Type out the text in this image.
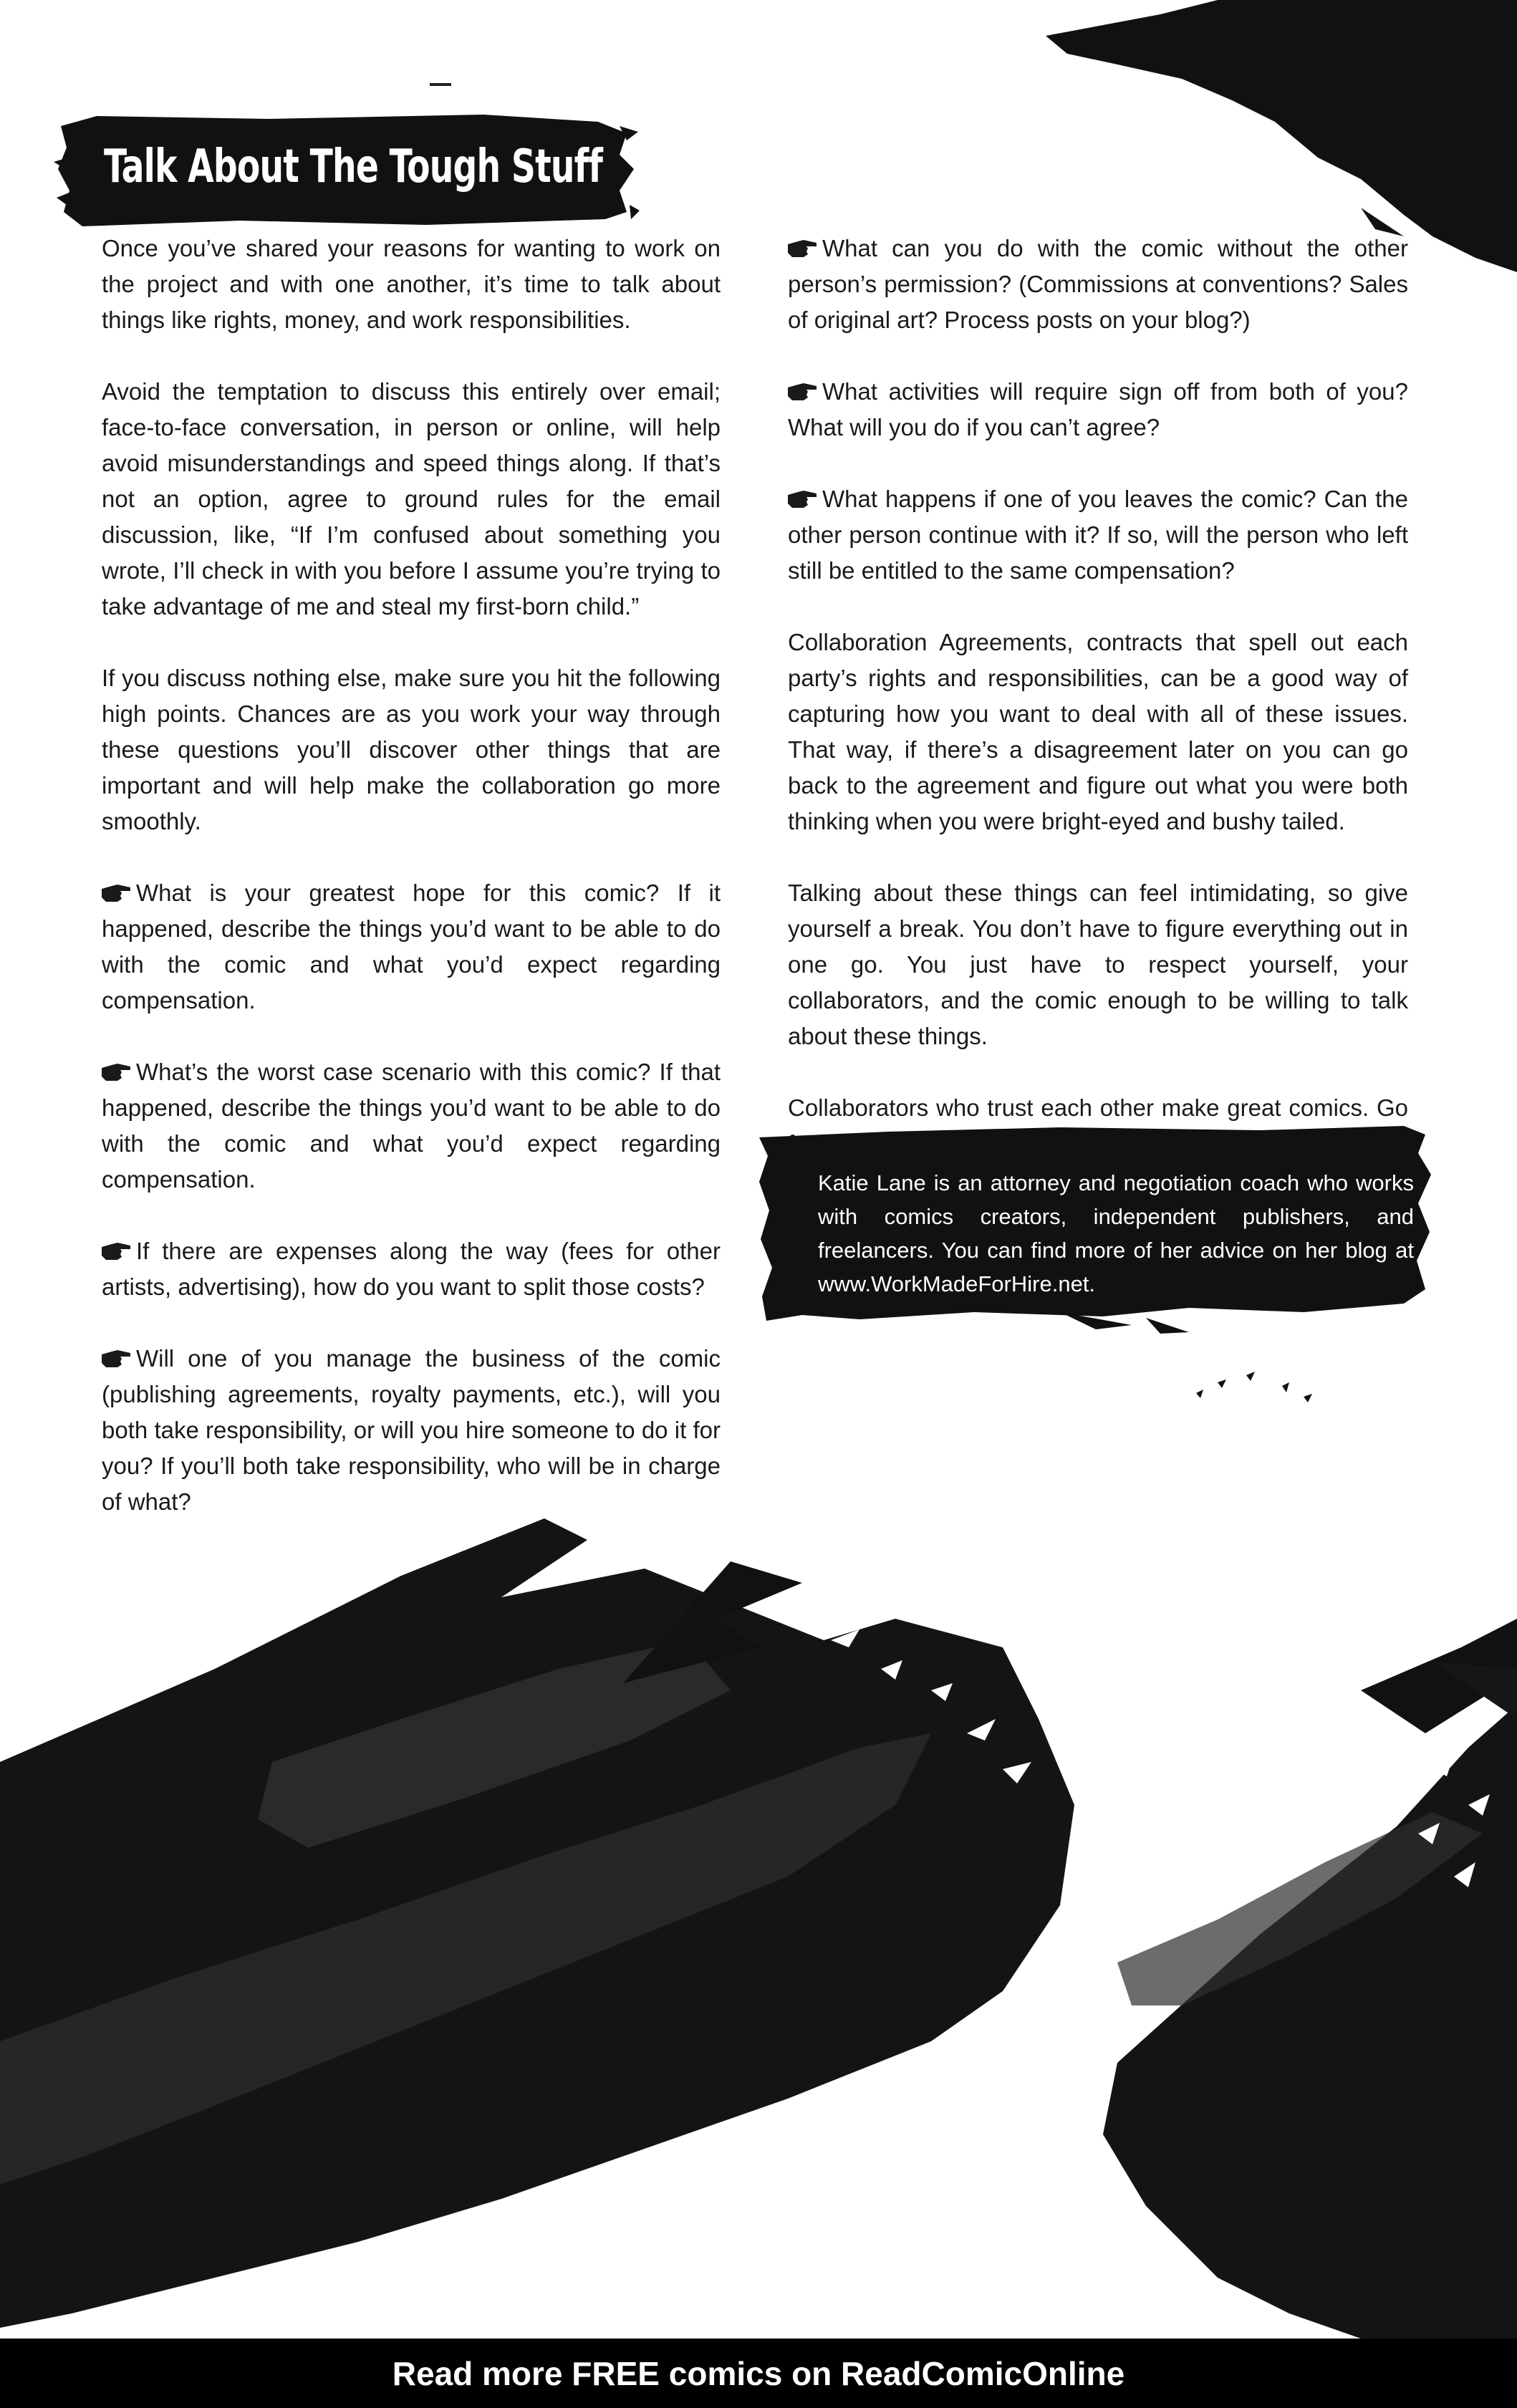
Talk About The Tough Stuff

Once you’ve shared your reasons for wanting to work on the project and with one another, it’s time to talk about things like rights, money, and work responsibilities.

Avoid the temptation to discuss this entirely over email; face-to-face conversation, in person or online, will help avoid misunderstandings and speed things along. If that’s not an option, agree to ground rules for the email discussion, like, “If I’m confused about something you wrote, I’ll check in with you before I assume you’re trying to take advantage of me and steal my first-born child.”

If you discuss nothing else, make sure you hit the following high points. Chances are as you work your way through these questions you’ll discover other things that are important and will help make the collaboration go more smoothly.

What is your greatest hope for this comic? If it happened, describe the things you’d want to be able to do with the comic and what you’d expect regarding compensation.

What’s the worst case scenario with this comic? If that happened, describe the things you’d want to be able to do with the comic and what you’d expect regarding compensation.

If there are expenses along the way (fees for other artists, advertising), how do you want to split those costs?

Will one of you manage the business of the comic (publishing agreements, royalty payments, etc.), will you both take responsibility, or will you hire someone to do it for you? If you’ll both take responsibility, who will be in charge of what?

What can you do with the comic without the other person’s permission? (Commissions at conventions? Sales of original art? Process posts on your blog?)

What activities will require sign off from both of you? What will you do if you can’t agree?

What happens if one of you leaves the comic? Can the other person continue with it? If so, will the person who left still be entitled to the same compensation?

Collaboration Agreements, contracts that spell out each party’s rights and responsibilities, can be a good way of capturing how you want to deal with all of these issues. That way, if there’s a disagreement later on you can go back to the agreement and figure out what you were both thinking when you were bright-eyed and bushy tailed.

Talking about these things can feel intimidating, so give yourself a break. You don’t have to figure everything out in one go. You just have to respect yourself, your collaborators, and the comic enough to be willing to talk about these things.

Collaborators who trust each other make great comics. Go

Katie Lane is an attorney and negotiation coach who works with comics creators, independent publishers, and freelancers. You can find more of her advice on her blog at www.WorkMadeForHire.net.

Read more FREE comics on ReadComicOnline
